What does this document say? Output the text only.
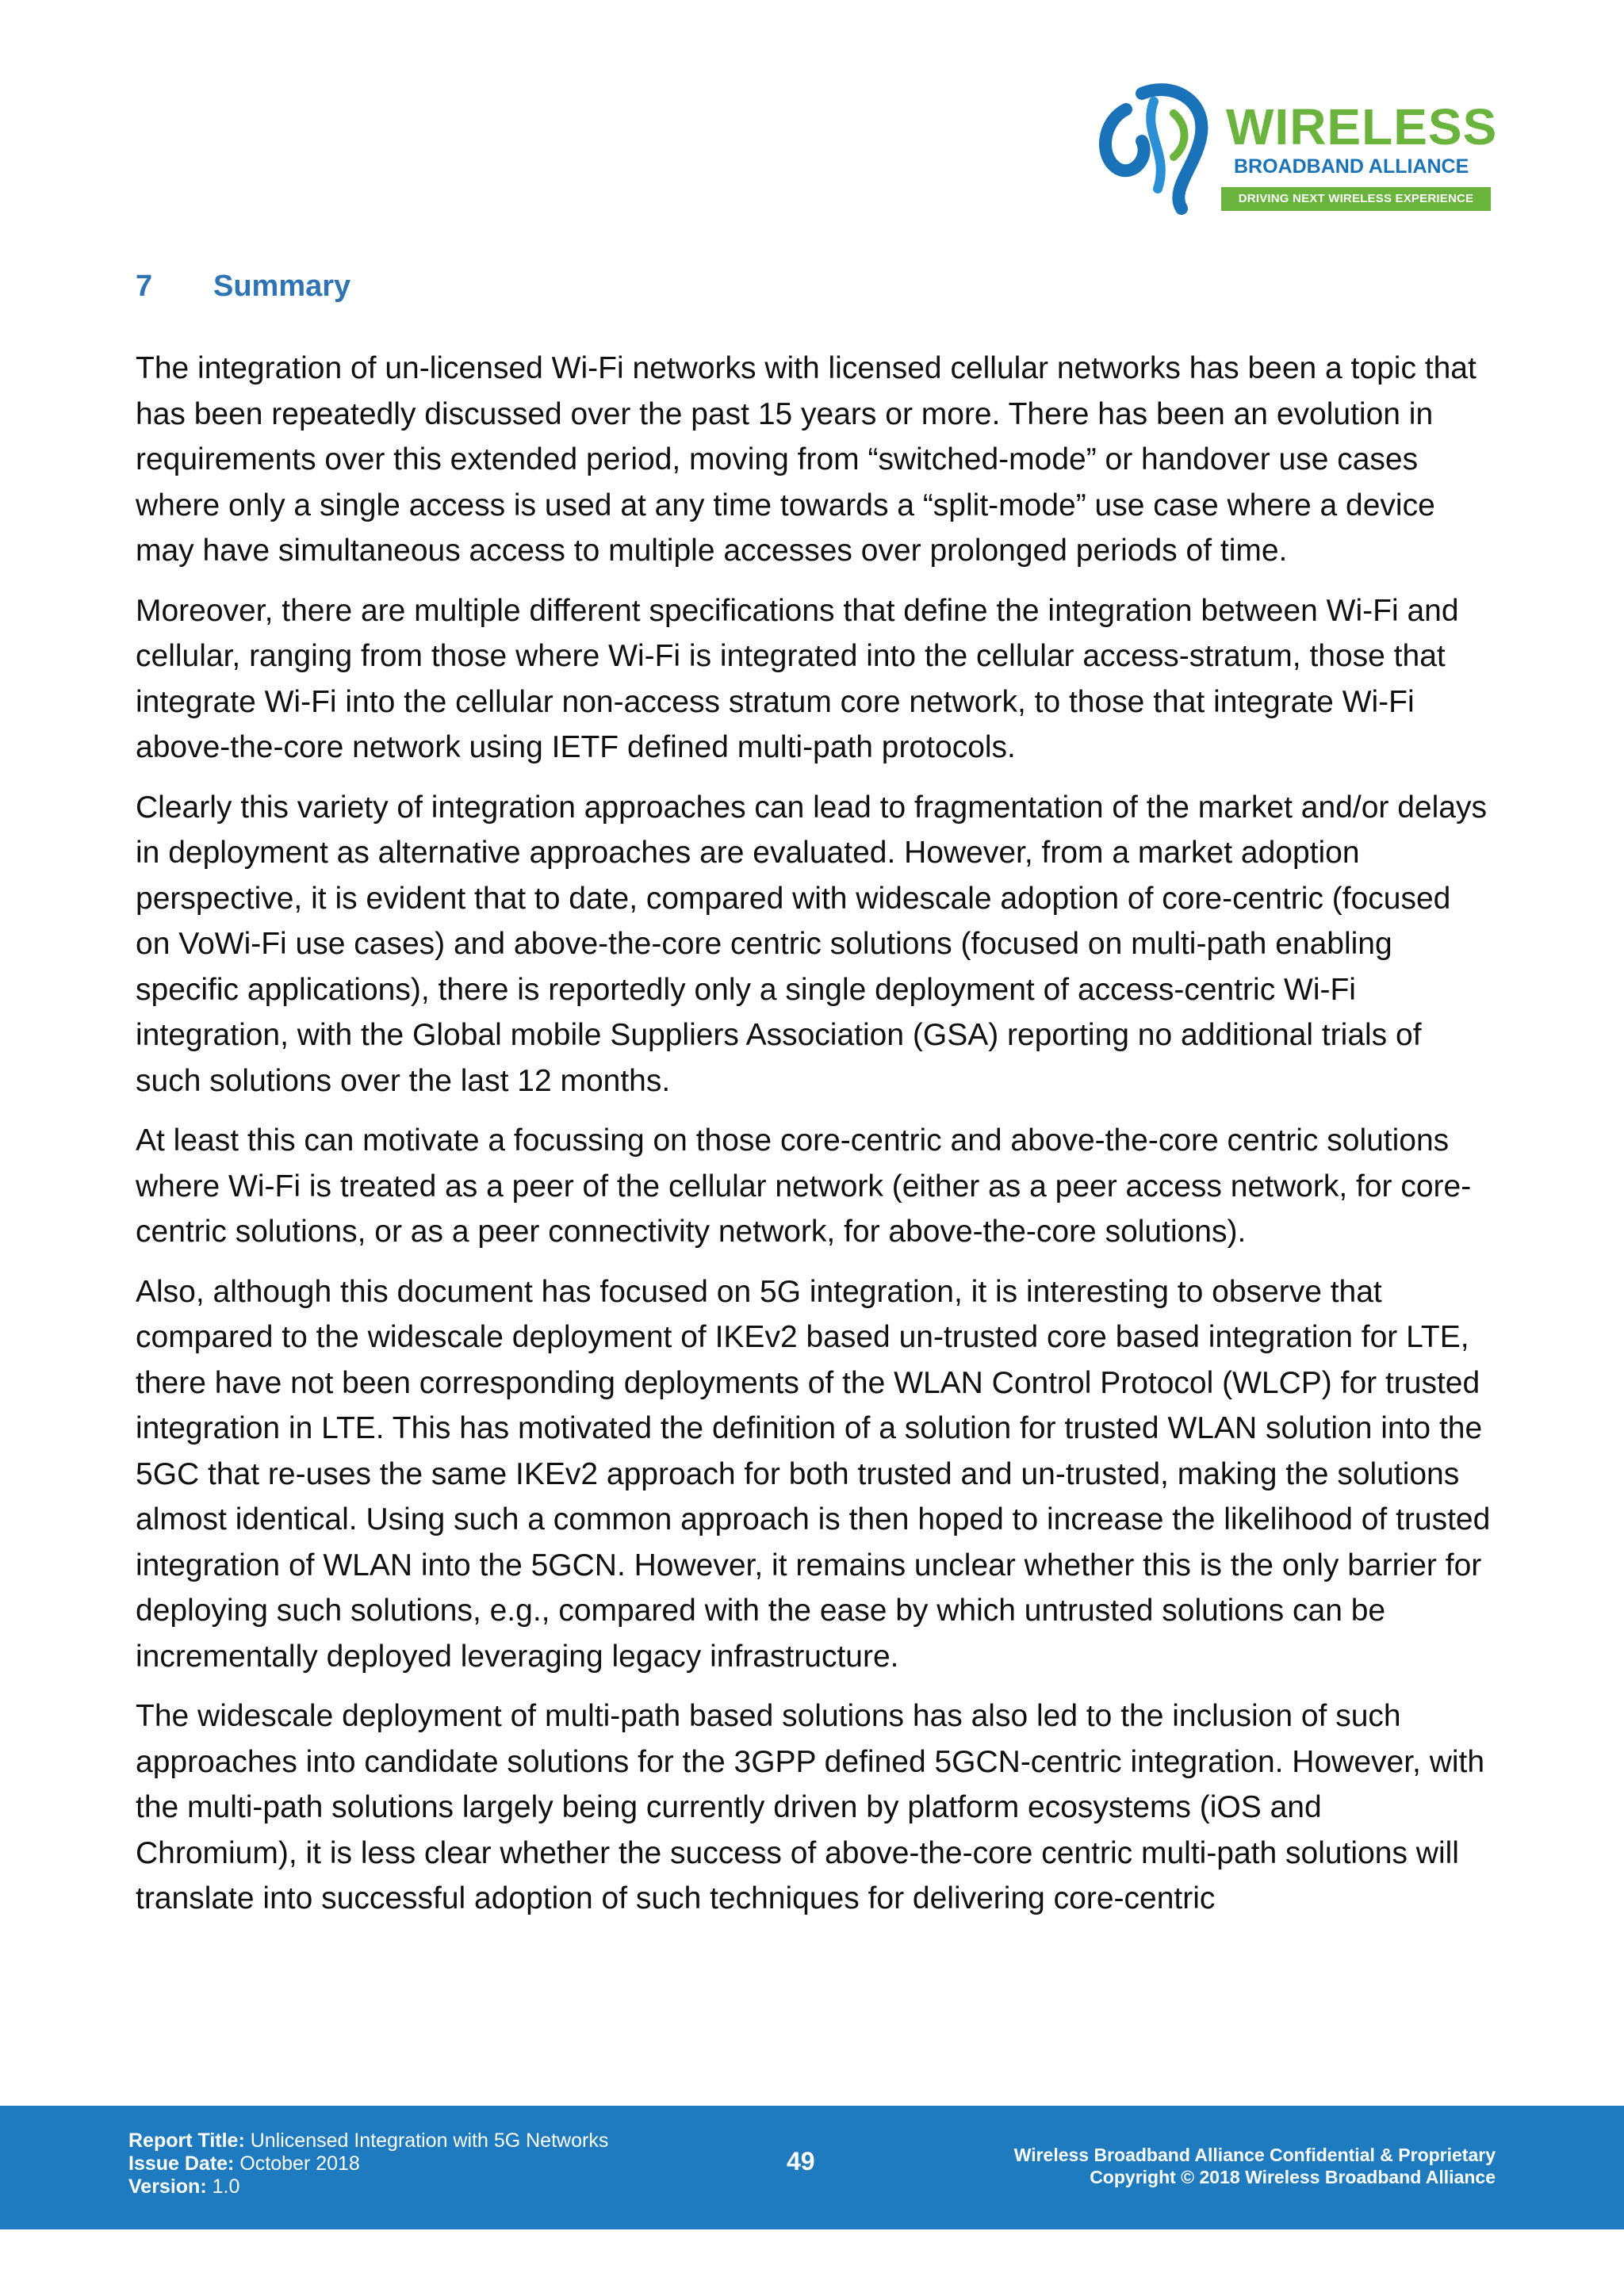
WIRELESS
BROADBAND ALLIANCE
DRIVING NEXT WIRELESS EXPERIENCE
7 Summary

The integration of un-licensed Wi-Fi networks with licensed cellular networks has been a topic that has been repeatedly discussed over the past 15 years or more. There has been an evolution in requirements over this extended period, moving from “switched-mode” or handover use cases where only a single access is used at any time towards a “split-mode” use case where a device may have simultaneous access to multiple accesses over prolonged periods of time.

Moreover, there are multiple different specifications that define the integration between Wi-Fi and cellular, ranging from those where Wi-Fi is integrated into the cellular access-stratum, those that integrate Wi-Fi into the cellular non-access stratum core network, to those that integrate Wi-Fi above-the-core network using IETF defined multi-path protocols.

Clearly this variety of integration approaches can lead to fragmentation of the market and/or delays in deployment as alternative approaches are evaluated. However, from a market adoption perspective, it is evident that to date, compared with widescale adoption of core-centric (focused on VoWi-Fi use cases) and above-the-core centric solutions (focused on multi-path enabling specific applications), there is reportedly only a single deployment of access-centric Wi-Fi integration, with the Global mobile Suppliers Association (GSA) reporting no additional trials of such solutions over the last 12 months.

At least this can motivate a focussing on those core-centric and above-the-core centric solutions where Wi-Fi is treated as a peer of the cellular network (either as a peer access network, for core-centric solutions, or as a peer connectivity network, for above-the-core solutions).

Also, although this document has focused on 5G integration, it is interesting to observe that compared to the widescale deployment of IKEv2 based un-trusted core based integration for LTE, there have not been corresponding deployments of the WLAN Control Protocol (WLCP) for trusted integration in LTE. This has motivated the definition of a solution for trusted WLAN solution into the 5GC that re-uses the same IKEv2 approach for both trusted and un-trusted, making the solutions almost identical. Using such a common approach is then hoped to increase the likelihood of trusted integration of WLAN into the 5GCN. However, it remains unclear whether this is the only barrier for deploying such solutions, e.g., compared with the ease by which untrusted solutions can be incrementally deployed leveraging legacy infrastructure.

The widescale deployment of multi-path based solutions has also led to the inclusion of such approaches into candidate solutions for the 3GPP defined 5GCN-centric integration. However, with the multi-path solutions largely being currently driven by platform ecosystems (iOS and Chromium), it is less clear whether the success of above-the-core centric multi-path solutions will translate into successful adoption of such techniques for delivering core-centric

Report Title: Unlicensed Integration with 5G Networks
Issue Date: October 2018
Version: 1.0
49	Wireless Broadband Alliance Confidential & Proprietary
Copyright © 2018 Wireless Broadband Alliance
